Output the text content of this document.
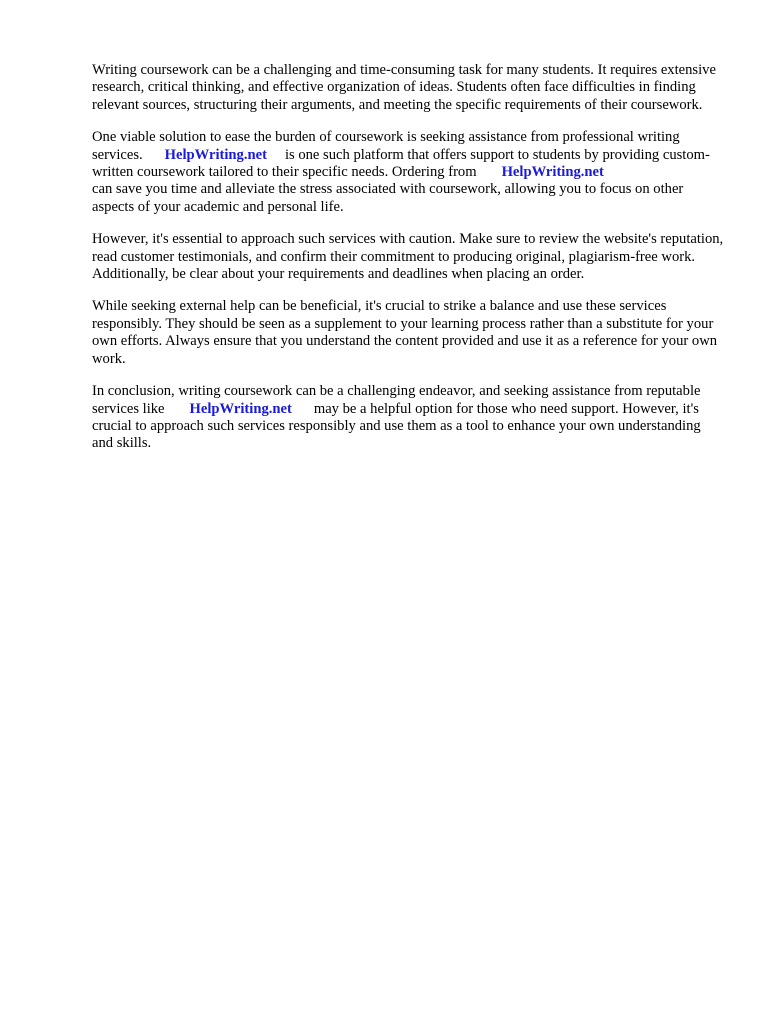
Writing coursework can be a challenging and time-consuming task for many students. It requires extensive research, critical thinking, and effective organization of ideas. Students often face difficulties in finding relevant sources, structuring their arguments, and meeting the specific requirements of their coursework.

One viable solution to ease the burden of coursework is seeking assistance from professional writing services. HelpWriting.net is one such platform that offers support to students by providing custom-written coursework tailored to their specific needs. Ordering from HelpWriting.net
can save you time and alleviate the stress associated with coursework, allowing you to focus on other aspects of your academic and personal life.

However, it's essential to approach such services with caution. Make sure to review the website's reputation, read customer testimonials, and confirm their commitment to producing original, plagiarism-free work. Additionally, be clear about your requirements and deadlines when placing an order.

While seeking external help can be beneficial, it's crucial to strike a balance and use these services responsibly. They should be seen as a supplement to your learning process rather than a substitute for your own efforts. Always ensure that you understand the content provided and use it as a reference for your own work.

In conclusion, writing coursework can be a challenging endeavor, and seeking assistance from reputable services like HelpWriting.net may be a helpful option for those who need support. However, it's crucial to approach such services responsibly and use them as a tool to enhance your own understanding and skills.
